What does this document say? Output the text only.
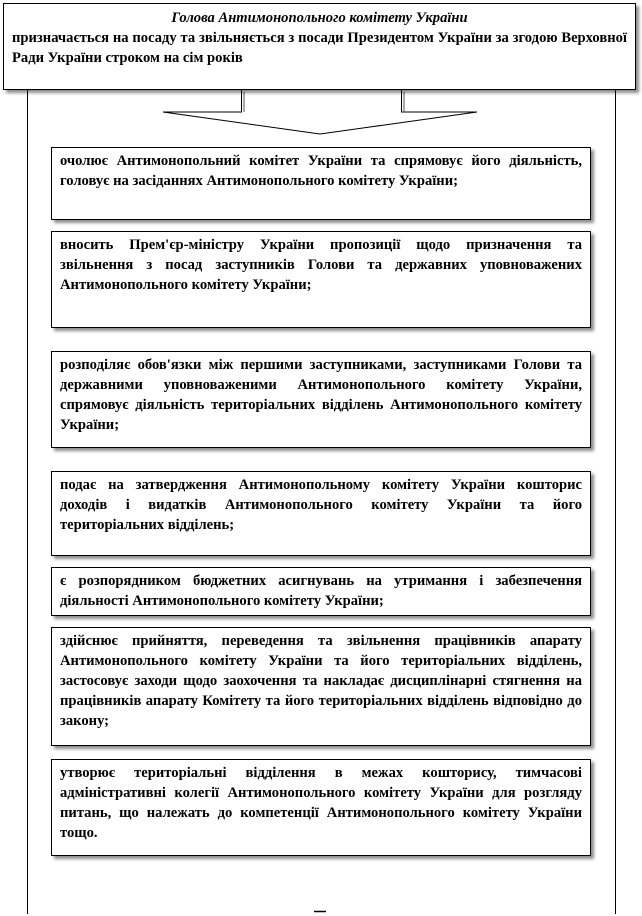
Голова Антимонопольного комітету України
призначається на посаду та звільняється з посади Президентом України за згодою Верховної Ради України строком на сім років
очолює Антимонопольний комітет України та спрямовує його діяльність, головує на засіданнях Антимонопольного комітету України;
вносить Прем'єр-міністру України пропозиції щодо призначення та звільнення з посад заступників Голови та державних уповноважених Антимонопольного комітету України;
розподіляє обов'язки між першими заступниками, заступниками Голови та державними уповноваженими Антимонопольного комітету України, спрямовує діяльність територіальних відділень Антимонопольного комітету України;
подає на затвердження Антимонопольному комітету України кошторис доходів і видатків Антимонопольного комітету України та його територіальних відділень;
є розпорядником бюджетних асигнувань на утримання і забезпечення діяльності Антимонопольного комітету України;
здійснює прийняття, переведення та звільнення працівників апарату Антимонопольного комітету України та його територіальних відділень, застосовує заходи щодо заохочення та накладає дисциплінарні стягнення на працівників апарату Комітету та його територіальних відділень відповідно до закону;
утворює територіальні відділення в межах кошторису, тимчасові адміністративні колегії Антимонопольного комітету України для розгляду питань, що належать до компетенції Антимонопольного комітету України тощо.
